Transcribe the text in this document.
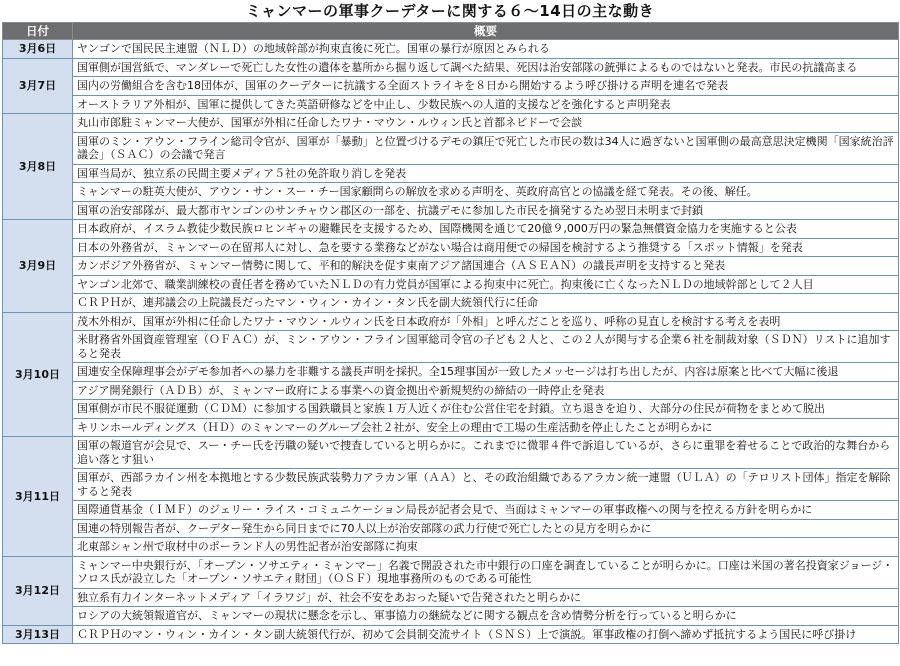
ミャンマーの軍事クーデターに関する６～14日の主な動き
日付	概要
3月6日	ヤンゴンで国民民主連盟（ＮＬＤ）の地域幹部が拘束直後に死亡。国軍の暴行が原因とみられる
3月7日	国軍側が国営紙で、マンダレーで死亡した女性の遺体を墓所から掘り返して調べた結果、死因は治安部隊の銃弾によるものではないと発表。市民の抗議高まる
	国内の労働組合を含む18団体が、国軍のクーデターに抗議する全面ストライキを８日から開始するよう呼び掛ける声明を連名で発表
	オーストラリア外相が、国軍に提供してきた英語研修などを中止し、少数民族への人道的支援などを強化すると声明発表
3月8日	丸山市郎駐ミャンマー大使が、国軍が外相に任命したワナ・マウン・ルウィン氏と首都ネピドーで会談
	国軍のミン・アウン・フライン総司令官が、国軍が「暴動」と位置づけるデモの鎮圧で死亡した市民の数は34人に過ぎないと国軍側の最高意思決定機関「国家統治評議会」（ＳＡＣ）の会議で発言
	国軍当局が、独立系の民間主要メディア５社の免許取り消しを発表
	ミャンマーの駐英大使が、アウン・サン・スー・チー国家顧問らの解放を求める声明を、英政府高官との協議を経て発表。その後、解任。
	国軍の治安部隊が、最大都市ヤンゴンのサンチャウン郡区の一部を、抗議デモに参加した市民を摘発するため翌日未明まで封鎖
3月9日	日本政府が、イスラム教徒少数民族ロヒンギャの避難民を支援するため、国際機関を通じて20億９,000万円の緊急無償資金協力を実施すると公表
	日本の外務省が、ミャンマーの在留邦人に対し、急を要する業務などがない場合は商用便での帰国を検討するよう推奨する「スポット情報」を発表
	カンボジア外務省が、ミャンマー情勢に関して、平和的解決を促す東南アジア諸国連合（ＡＳＥＡＮ）の議長声明を支持すると発表
	ヤンゴン北郊で、職業訓練校の責任者を務めていたＮＬＤの有力党員が国軍による拘束中に死亡。拘束後に亡くなったＮＬＤの地域幹部として２人目
	ＣＲＰＨが、連邦議会の上院議長だったマン・ウィン・カイン・タン氏を副大統領代行に任命
3月10日	茂木外相が、国軍が外相に任命したワナ・マウン・ルウィン氏を日本政府が「外相」と呼んだことを巡り、呼称の見直しを検討する考えを表明
	米財務省外国資産管理室（ＯＦＡＣ）が、ミン・アウン・フライン国軍総司令官の子ども２人と、この２人が関与する企業６社を制裁対象（ＳＤＮ）リストに追加すると発表
	国連安全保障理事会がデモ参加者への暴力を非難する議長声明を採択。全15理事国が一致したメッセージは打ち出したが、内容は原案と比べて大幅に後退
	アジア開発銀行（ＡＤＢ）が、ミャンマー政府による事業への資金拠出や新規契約の締結の一時停止を発表
	国軍側が市民不服従運動（ＣＤＭ）に参加する国鉄職員と家族１万人近くが住む公営住宅を封鎖。立ち退きを迫り、大部分の住民が荷物をまとめて脱出
	キリンホールディングス（ＨＤ）のミャンマーのグループ会社２社が、安全上の理由で工場の生産活動を停止したことが明らかに
3月11日	国軍の報道官が会見で、スー・チー氏を汚職の疑いで捜査していると明らかに。これまでに微罪４件で訴追しているが、さらに重罪を着せることで政治的な舞台から追い落とす狙い
	国軍が、西部ラカイン州を本拠地とする少数民族武装勢力アラカン軍（ＡＡ）と、その政治組織であるアラカン統一連盟（ＵＬＡ）の「テロリスト団体」指定を解除すると発表
	国際通貨基金（ＩＭＦ）のジェリー・ライス・コミュニケーション局長が記者会見で、当面はミャンマーの軍事政権への関与を控える方針を明らかに
	国連の特別報告者が、クーデター発生から同日までに70人以上が治安部隊の武力行使で死亡したとの見方を明らかに
	北東部シャン州で取材中のポーランド人の男性記者が治安部隊に拘束
3月12日	ミャンマー中央銀行が、「オープン・ソサエティ・ミャンマー」名義で開設された市中銀行の口座を調査していることが明らかに。口座は米国の著名投資家ジョージ・ソロス氏が設立した「オープン・ソサエティ財団」（ＯＳＦ）現地事務所のものである可能性
	独立系有力インターネットメディア「イラワジ」が、社会不安をあおった疑いで告発されたと明らかに
	ロシアの大統領報道官が、ミャンマーの現状に懸念を示し、軍事協力の継続などに関する観点を含め情勢分析を行っていると明らかに
3月13日	ＣＲＰＨのマン・ウィン・カイン・タン副大統領代行が、初めて会員制交流サイト（ＳＮＳ）上で演説。軍事政権の打倒へ諦めず抵抗するよう国民に呼び掛け
